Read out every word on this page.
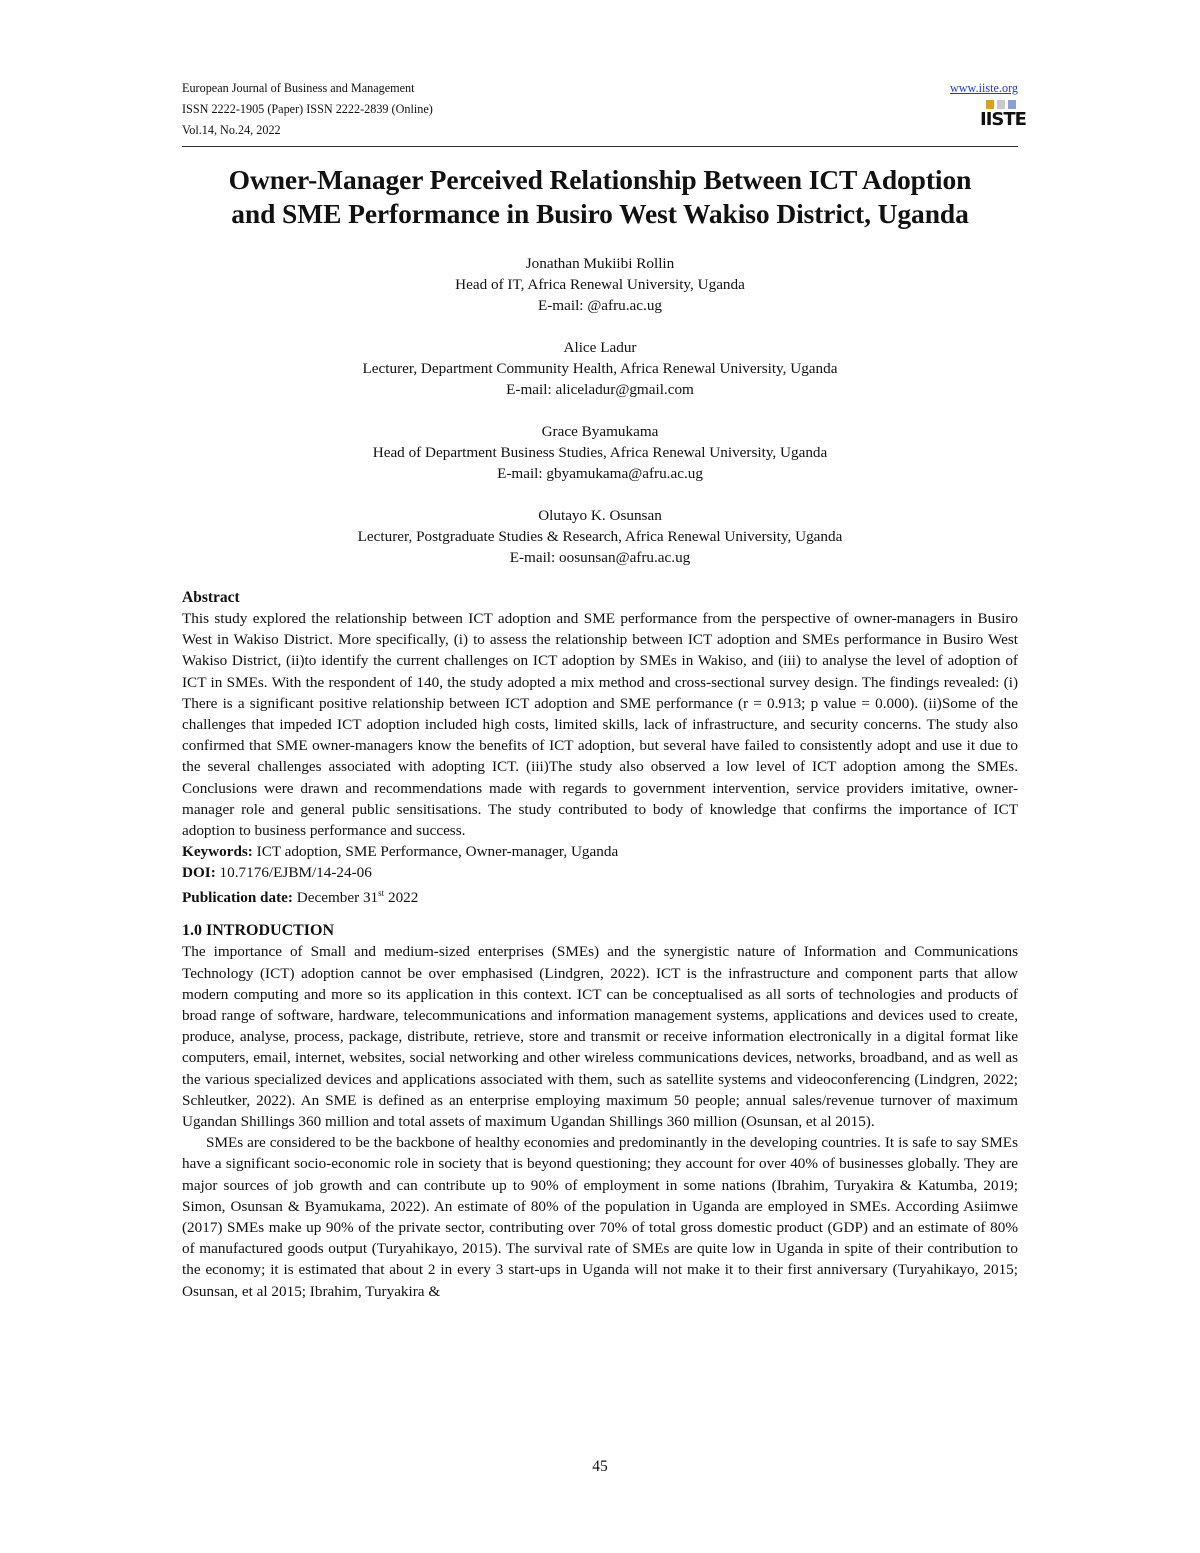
European Journal of Business and Management
ISSN 2222-1905 (Paper) ISSN 2222-2839 (Online)
Vol.14, No.24, 2022
www.iiste.org
IISTE
Owner-Manager Perceived Relationship Between ICT Adoption
and SME Performance in Busiro West Wakiso District, Uganda
Jonathan Mukiibi Rollin
Head of IT, Africa Renewal University, Uganda
E-mail: @afru.ac.ug
Alice Ladur
Lecturer, Department Community Health, Africa Renewal University, Uganda
E-mail: aliceladur@gmail.com
Grace Byamukama
Head of Department Business Studies, Africa Renewal University, Uganda
E-mail: gbyamukama@afru.ac.ug
Olutayo K. Osunsan
Lecturer, Postgraduate Studies & Research, Africa Renewal University, Uganda
E-mail: oosunsan@afru.ac.ug
Abstract

This study explored the relationship between ICT adoption and SME performance from the perspective of owner-managers in Busiro West in Wakiso District. More specifically, (i) to assess the relationship between ICT adoption and SMEs performance in Busiro West Wakiso District, (ii)to identify the current challenges on ICT adoption by SMEs in Wakiso, and (iii) to analyse the level of adoption of ICT in SMEs. With the respondent of 140, the study adopted a mix method and cross-sectional survey design. The findings revealed: (i) There is a significant positive relationship between ICT adoption and SME performance (r = 0.913; p value = 0.000). (ii)Some of the challenges that impeded ICT adoption included high costs, limited skills, lack of infrastructure, and security concerns. The study also confirmed that SME owner-managers know the benefits of ICT adoption, but several have failed to consistently adopt and use it due to the several challenges associated with adopting ICT. (iii)The study also observed a low level of ICT adoption among the SMEs. Conclusions were drawn and recommendations made with regards to government intervention, service providers imitative, owner-manager role and general public sensitisations. The study contributed to body of knowledge that confirms the importance of ICT adoption to business performance and success.

Keywords: ICT adoption, SME Performance, Owner-manager, Uganda
DOI: 10.7176/EJBM/14-24-06
Publication date: December 31st 2022
1.0 INTRODUCTION

The importance of Small and medium-sized enterprises (SMEs) and the synergistic nature of Information and Communications Technology (ICT) adoption cannot be over emphasised (Lindgren, 2022). ICT is the infrastructure and component parts that allow modern computing and more so its application in this context. ICT can be conceptualised as all sorts of technologies and products of broad range of software, hardware, telecommunications and information management systems, applications and devices used to create, produce, analyse, process, package, distribute, retrieve, store and transmit or receive information electronically in a digital format like computers, email, internet, websites, social networking and other wireless communications devices, networks, broadband, and as well as the various specialized devices and applications associated with them, such as satellite systems and videoconferencing (Lindgren, 2022; Schleutker, 2022). An SME is defined as an enterprise employing maximum 50 people; annual sales/revenue turnover of maximum Ugandan Shillings 360 million and total assets of maximum Ugandan Shillings 360 million (Osunsan, et al 2015).

SMEs are considered to be the backbone of healthy economies and predominantly in the developing countries. It is safe to say SMEs have a significant socio-economic role in society that is beyond questioning; they account for over 40% of businesses globally. They are major sources of job growth and can contribute up to 90% of employment in some nations (Ibrahim, Turyakira & Katumba, 2019; Simon, Osunsan & Byamukama, 2022). An estimate of 80% of the population in Uganda are employed in SMEs. According Asiimwe (2017) SMEs make up 90% of the private sector, contributing over 70% of total gross domestic product (GDP) and an estimate of 80% of manufactured goods output (Turyahikayo, 2015). The survival rate of SMEs are quite low in Uganda in spite of their contribution to the economy; it is estimated that about 2 in every 3 start-ups in Uganda will not make it to their first anniversary (Turyahikayo, 2015; Osunsan, et al 2015; Ibrahim, Turyakira &

45
